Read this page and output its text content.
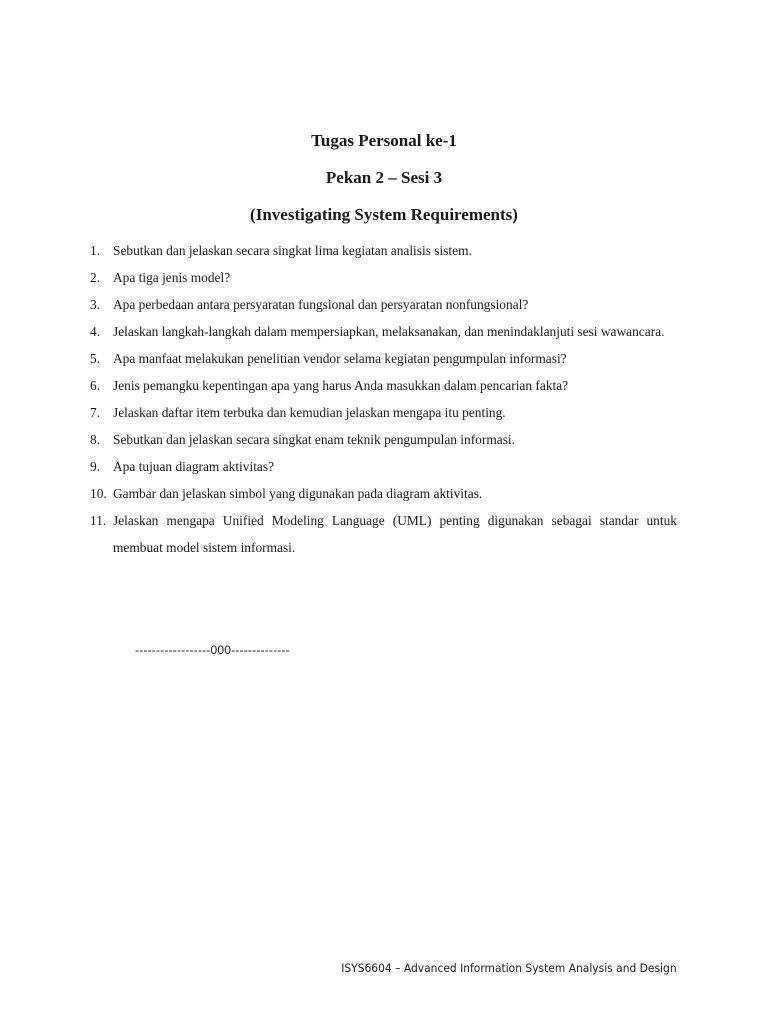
Tugas Personal ke-1
Pekan 2 – Sesi 3
(Investigating System Requirements)
1. Sebutkan dan jelaskan secara singkat lima kegiatan analisis sistem.
2. Apa tiga jenis model?
3. Apa perbedaan antara persyaratan fungsional dan persyaratan nonfungsional?
4. Jelaskan langkah-langkah dalam mempersiapkan, melaksanakan, dan menindaklanjuti sesi wawancara.
5. Apa manfaat melakukan penelitian vendor selama kegiatan pengumpulan informasi?
6. Jenis pemangku kepentingan apa yang harus Anda masukkan dalam pencarian fakta?
7. Jelaskan daftar item terbuka dan kemudian jelaskan mengapa itu penting.
8. Sebutkan dan jelaskan secara singkat enam teknik pengumpulan informasi.
9. Apa tujuan diagram aktivitas?
10. Gambar dan jelaskan simbol yang digunakan pada diagram aktivitas.
11. Jelaskan mengapa Unified Modeling Language (UML) penting digunakan sebagai standar untuk membuat model sistem informasi.
------------------000--------------
ISYS6604 – Advanced Information System Analysis and Design
